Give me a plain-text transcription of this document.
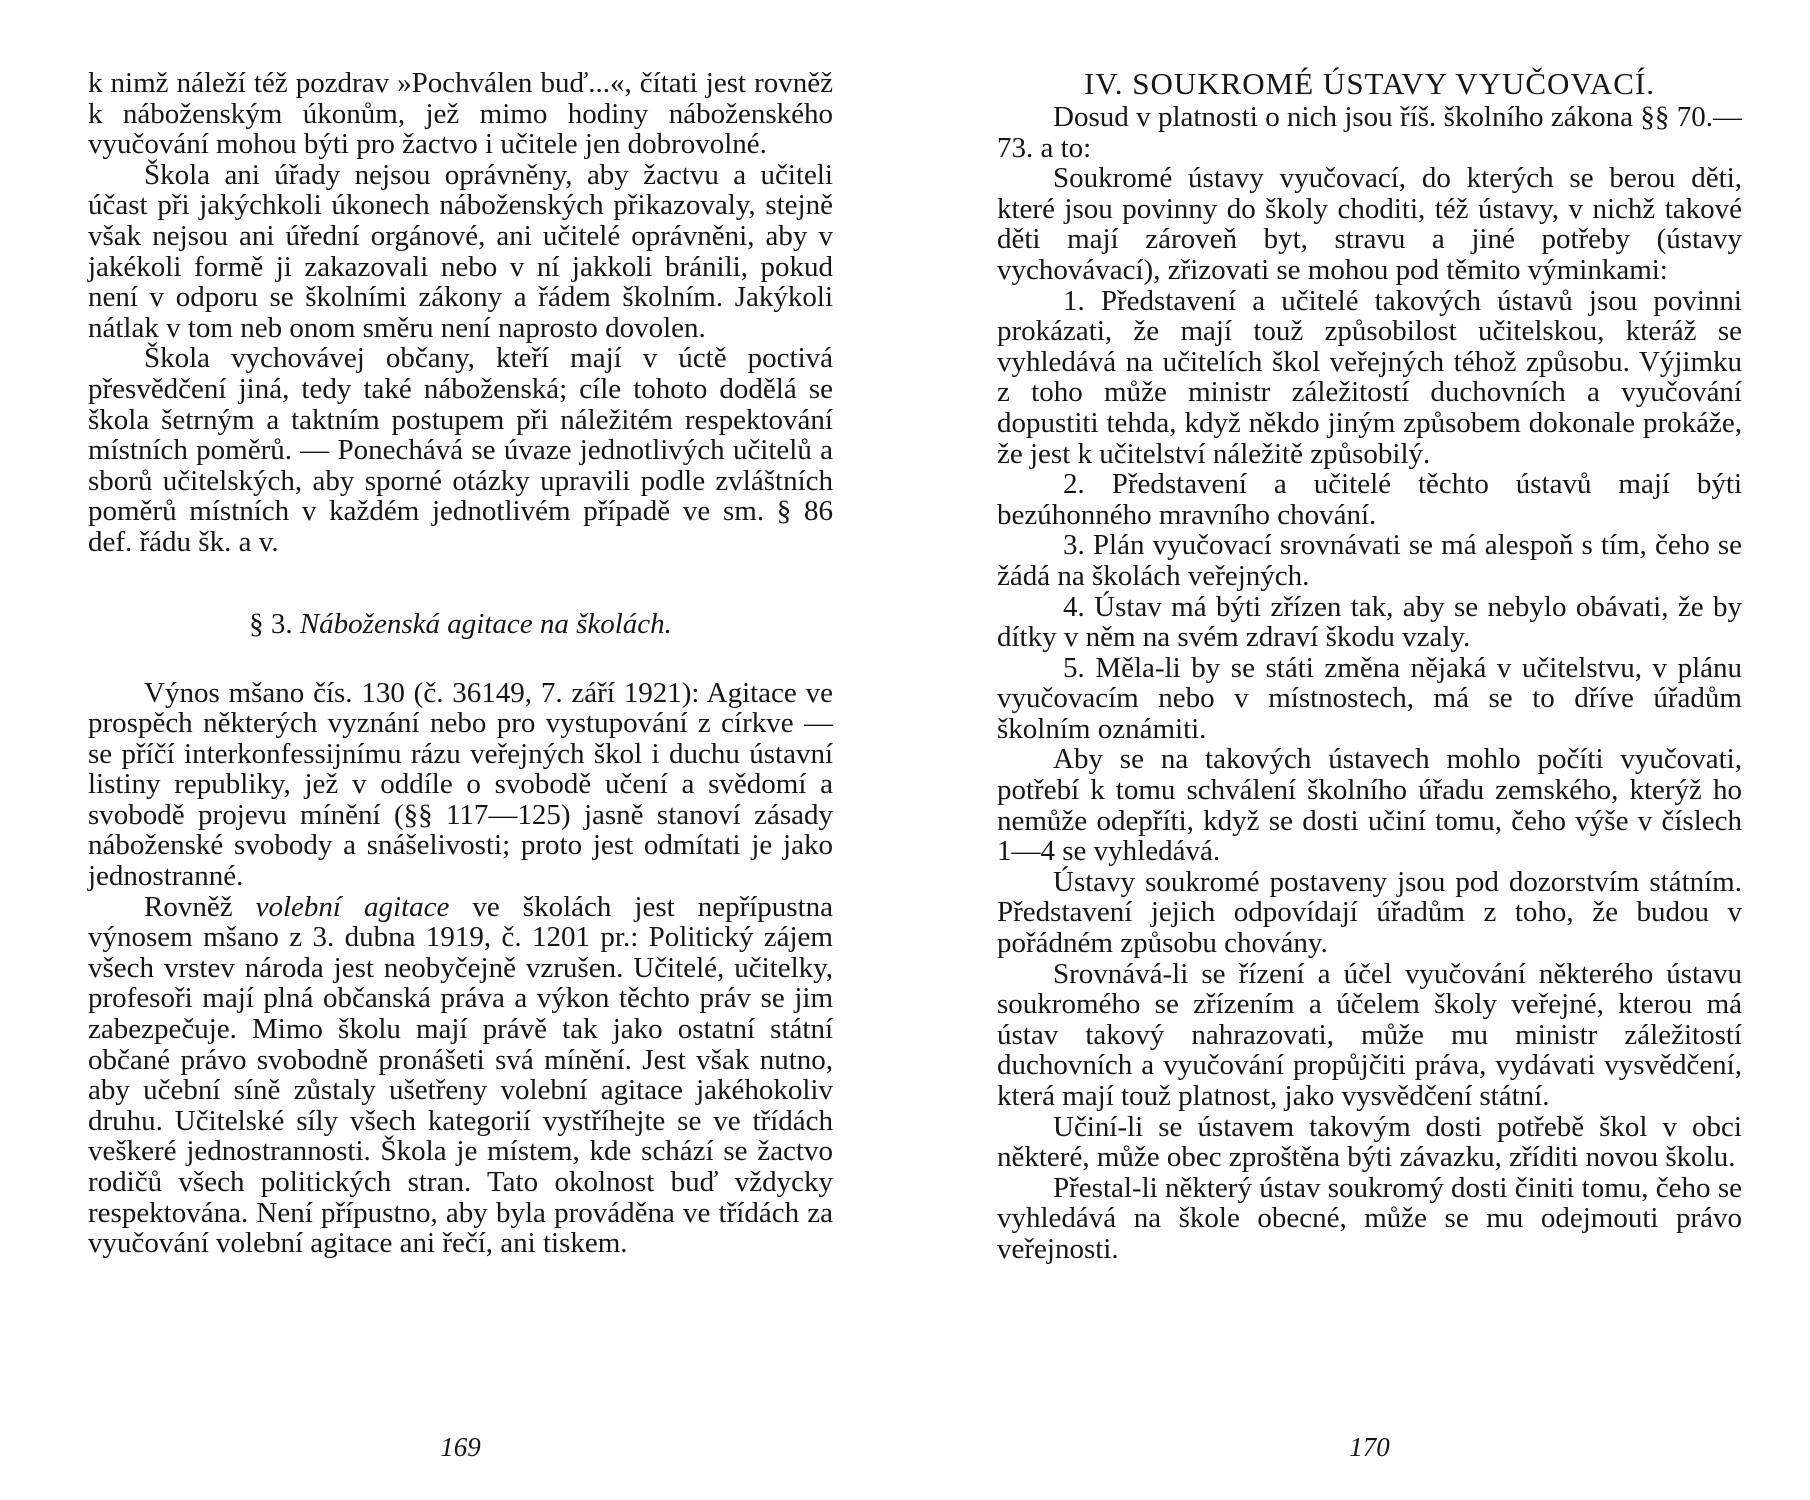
k nimž náleží též pozdrav »Pochválen buď...«, čítati jest rovněž k náboženským úkonům, jež mimo hodiny náboženského vyučování mohou býti pro žactvo i učitele jen dobrovolné.

Škola ani úřady nejsou oprávněny, aby žactvu a učiteli účast při jakýchkoli úkonech náboženských přikazovaly, stejně však nejsou ani úřední orgánové, ani učitelé oprávněni, aby v jakékoli formě ji zakazovali nebo v ní jakkoli bránili, pokud není v odporu se školními zákony a řádem školním. Jakýkoli nátlak v tom neb onom směru není naprosto dovolen.

Škola vychovávej občany, kteří mají v úctě poctivá přesvědčení jiná, tedy také náboženská; cíle tohoto dodělá se škola šetrným a taktním postupem při náležitém respektování místních poměrů. — Ponechává se úvaze jednotlivých učitelů a sborů učitelských, aby sporné otázky upravili podle zvláštních poměrů místních v každém jednotlivém případě ve sm. § 86 def. řádu šk. a v.

§ 3. Náboženská agitace na školách.

Výnos mšano čís. 130 (č. 36149, 7. září 1921): Agitace ve prospěch některých vyznání nebo pro vystupování z církve — se příčí interkonfessijnímu rázu veřejných škol i duchu ústavní listiny republiky, jež v oddíle o svobodě učení a svědomí a svobodě projevu mínění (§§ 117—125) jasně stanoví zásady náboženské svobody a snášelivosti; proto jest odmítati je jako jednostranné.

Rovněž volební agitace ve školách jest nepřípustna výnosem mšano z 3. dubna 1919, č. 1201 pr.: Politický zájem všech vrstev národa jest neobyčejně vzrušen. Učitelé, učitelky, profesoři mají plná občanská práva a výkon těchto práv se jim zabezpečuje. Mimo školu mají právě tak jako ostatní státní občané právo svobodně pronášeti svá mínění. Jest však nutno, aby učební síně zůstaly ušetřeny volební agitace jakéhokoliv druhu. Učitelské síly všech kategorií vystříhejte se ve třídách veškeré jednostrannosti. Škola je místem, kde schází se žactvo rodičů všech politických stran. Tato okolnost buď vždycky respektována. Není přípustno, aby byla prováděna ve třídách za vyučování volební agitace ani řečí, ani tiskem.

169

IV. SOUKROMÉ ÚSTAVY VYUČOVACÍ.

Dosud v platnosti o nich jsou říš. školního zákona §§ 70.—73. a to:

Soukromé ústavy vyučovací, do kterých se berou děti, které jsou povinny do školy choditi, též ústavy, v nichž takové děti mají zároveň byt, stravu a jiné potřeby (ústavy vychovávací), zřizovati se mohou pod těmito výminkami:

1. Představení a učitelé takových ústavů jsou povinni prokázati, že mají touž způsobilost učitelskou, kteráž se vyhledává na učitelích škol veřejných téhož způsobu. Výjimku z toho může ministr záležitostí duchovních a vyučování dopustiti tehda, když někdo jiným způsobem dokonale prokáže, že jest k učitelství náležitě způsobilý.

2. Představení a učitelé těchto ústavů mají býti bezúhonného mravního chování.

3. Plán vyučovací srovnávati se má alespoň s tím, čeho se žádá na školách veřejných.

4. Ústav má býti zřízen tak, aby se nebylo obávati, že by dítky v něm na svém zdraví škodu vzaly.

5. Měla-li by se státi změna nějaká v učitelstvu, v plánu vyučovacím nebo v místnostech, má se to dříve úřadům školním oznámiti.

Aby se na takových ústavech mohlo počíti vyučovati, potřebí k tomu schválení školního úřadu zemského, kterýž ho nemůže odepříti, když se dosti učiní tomu, čeho výše v číslech 1—4 se vyhledává.

Ústavy soukromé postaveny jsou pod dozorstvím státním. Představení jejich odpovídají úřadům z toho, že budou v pořádném způsobu chovány.

Srovnává-li se řízení a účel vyučování některého ústavu soukromého se zřízením a účelem školy veřejné, kterou má ústav takový nahrazovati, může mu ministr záležitostí duchovních a vyučování propůjčiti práva, vydávati vysvědčení, která mají touž platnost, jako vysvědčení státní.

Učiní-li se ústavem takovým dosti potřebě škol v obci některé, může obec zproštěna býti závazku, zříditi novou školu.

Přestal-li některý ústav soukromý dosti činiti tomu, čeho se vyhledává na škole obecné, může se mu odejmouti právo veřejnosti.

170
